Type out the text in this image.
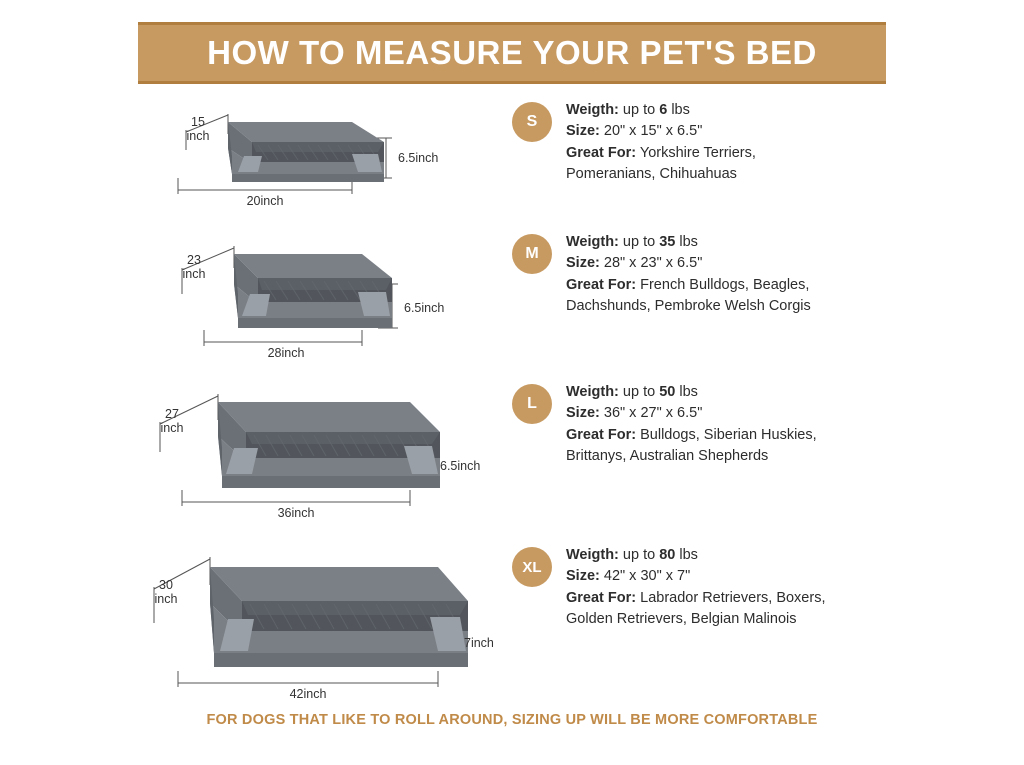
HOW TO MEASURE YOUR PET'S BED
15
inch
6.5inch
20inch
S
Weigth: up to 6 lbs
Size: 20" x 15" x 6.5"
Great For: Yorkshire Terriers,
Pomeranians, Chihuahuas
23
inch
6.5inch
28inch
M
Weigth: up to 35 lbs
Size: 28" x 23" x 6.5"
Great For: French Bulldogs, Beagles,
Dachshunds, Pembroke Welsh Corgis
27
inch
6.5inch
36inch
L
Weigth: up to 50 lbs
Size: 36" x 27" x 6.5"
Great For: Bulldogs, Siberian Huskies,
Brittanys, Australian Shepherds
30
inch
7inch
42inch
XL
Weigth: up to 80 lbs
Size: 42" x 30" x 7"
Great For: Labrador Retrievers, Boxers,
Golden Retrievers, Belgian Malinois
FOR DOGS THAT LIKE TO ROLL AROUND, SIZING UP WILL BE MORE COMFORTABLE
